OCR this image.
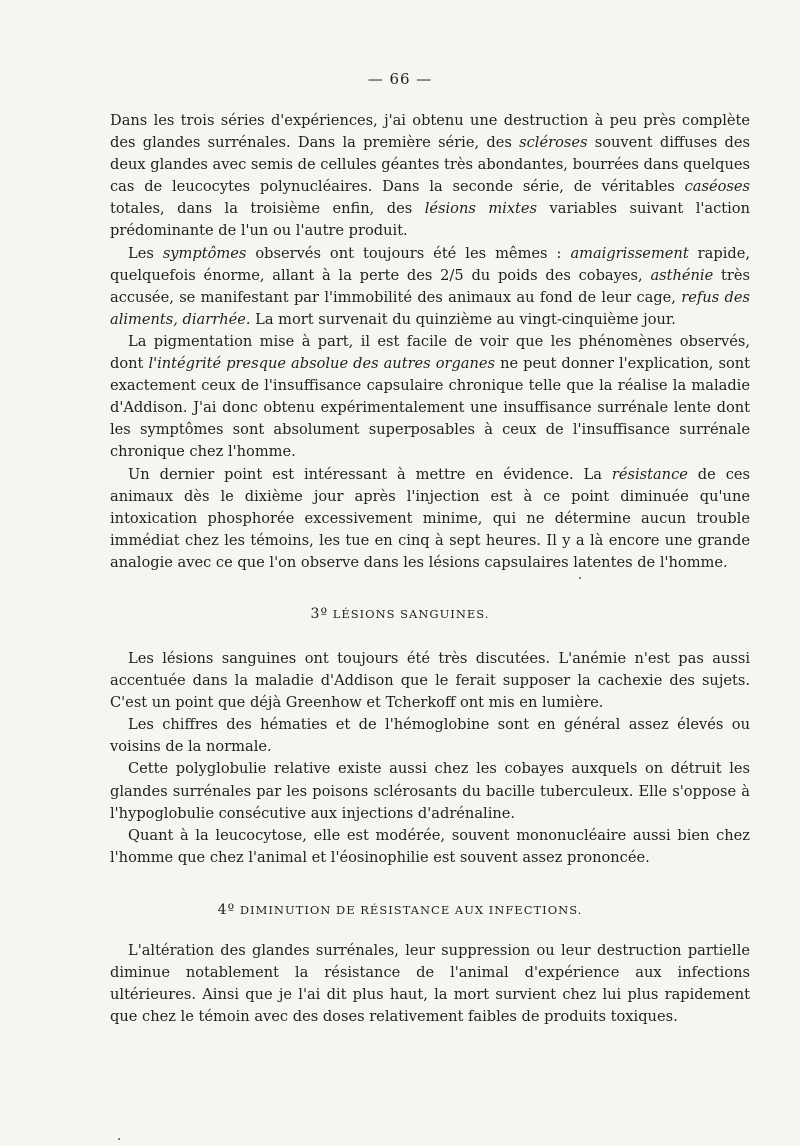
— 66 —

Dans les trois séries d'expériences, j'ai obtenu une destruction à peu près complète des glandes surrénales. Dans la première série, des scléroses souvent diffuses des deux glandes avec semis de cellules géantes très abondantes, bourrées dans quelques cas de leucocytes polynucléaires. Dans la seconde série, de véritables caséoses totales, dans la troisième enfin, des lésions mixtes variables suivant l'action prédominante de l'un ou l'autre produit.

Les symptômes observés ont toujours été les mêmes : amaigrissement rapide, quelquefois énorme, allant à la perte des 2/5 du poids des cobayes, asthénie très accusée, se manifestant par l'immobilité des animaux au fond de leur cage, refus des aliments, diarrhée. La mort survenait du quinzième au vingt-cinquième jour.

La pigmentation mise à part, il est facile de voir que les phénomènes observés, dont l'intégrité presque absolue des autres organes ne peut donner l'explication, sont exactement ceux de l'insuffisance capsulaire chronique telle que la réalise la maladie d'Addison. J'ai donc obtenu expérimentalement une insuffisance surrénale lente dont les symptômes sont absolument superposables à ceux de l'insuffisance surrénale chronique chez l'homme.

Un dernier point est intéressant à mettre en évidence. La résistance de ces animaux dès le dixième jour après l'injection est à ce point diminuée qu'une intoxication phosphorée excessivement minime, qui ne détermine aucun trouble immédiat chez les témoins, les tue en cinq à sept heures. Il y a là encore une grande analogie avec ce que l'on observe dans les lésions capsulaires latentes de l'homme.

3º LÉSIONS SANGUINES.

Les lésions sanguines ont toujours été très discutées. L'anémie n'est pas aussi accentuée dans la maladie d'Addison que le ferait supposer la cachexie des sujets. C'est un point que déjà Greenhow et Tcherkoff ont mis en lumière.

Les chiffres des hématies et de l'hémoglobine sont en général assez élevés ou voisins de la normale.

Cette polyglobulie relative existe aussi chez les cobayes auxquels on détruit les glandes surrénales par les poisons sclérosants du bacille tuberculeux. Elle s'oppose à l'hypoglobulie consécutive aux injections d'adrénaline.

Quant à la leucocytose, elle est modérée, souvent mononucléaire aussi bien chez l'homme que chez l'animal et l'éosinophilie est souvent assez prononcée.

4º DIMINUTION DE RÉSISTANCE AUX INFECTIONS.

L'altération des glandes surrénales, leur suppression ou leur destruction partielle diminue notablement la résistance de l'animal d'expérience aux infections ultérieures. Ainsi que je l'ai dit plus haut, la mort survient chez lui plus rapidement que chez le témoin avec des doses relativement faibles de produits toxiques.
